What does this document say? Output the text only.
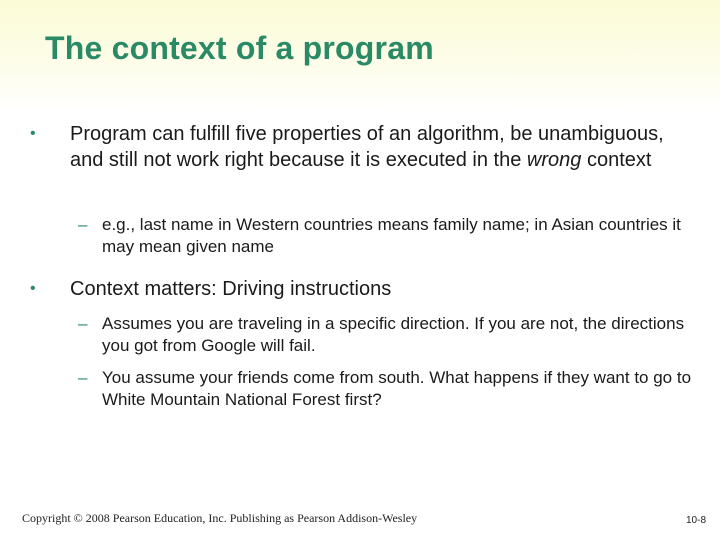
The context of a program
• Program can fulfill five properties of an algorithm, be unambiguous, and still not work right because it is executed in the wrong context
– e.g., last name in Western countries means family name; in Asian countries it may mean given name
• Context matters: Driving instructions
– Assumes you are traveling in a specific direction. If you are not, the directions you got from Google will fail.
– You assume your friends come from south. What happens if they want to go to White Mountain National Forest first?
Copyright © 2008 Pearson Education, Inc. Publishing as Pearson Addison-Wesley	10-8
